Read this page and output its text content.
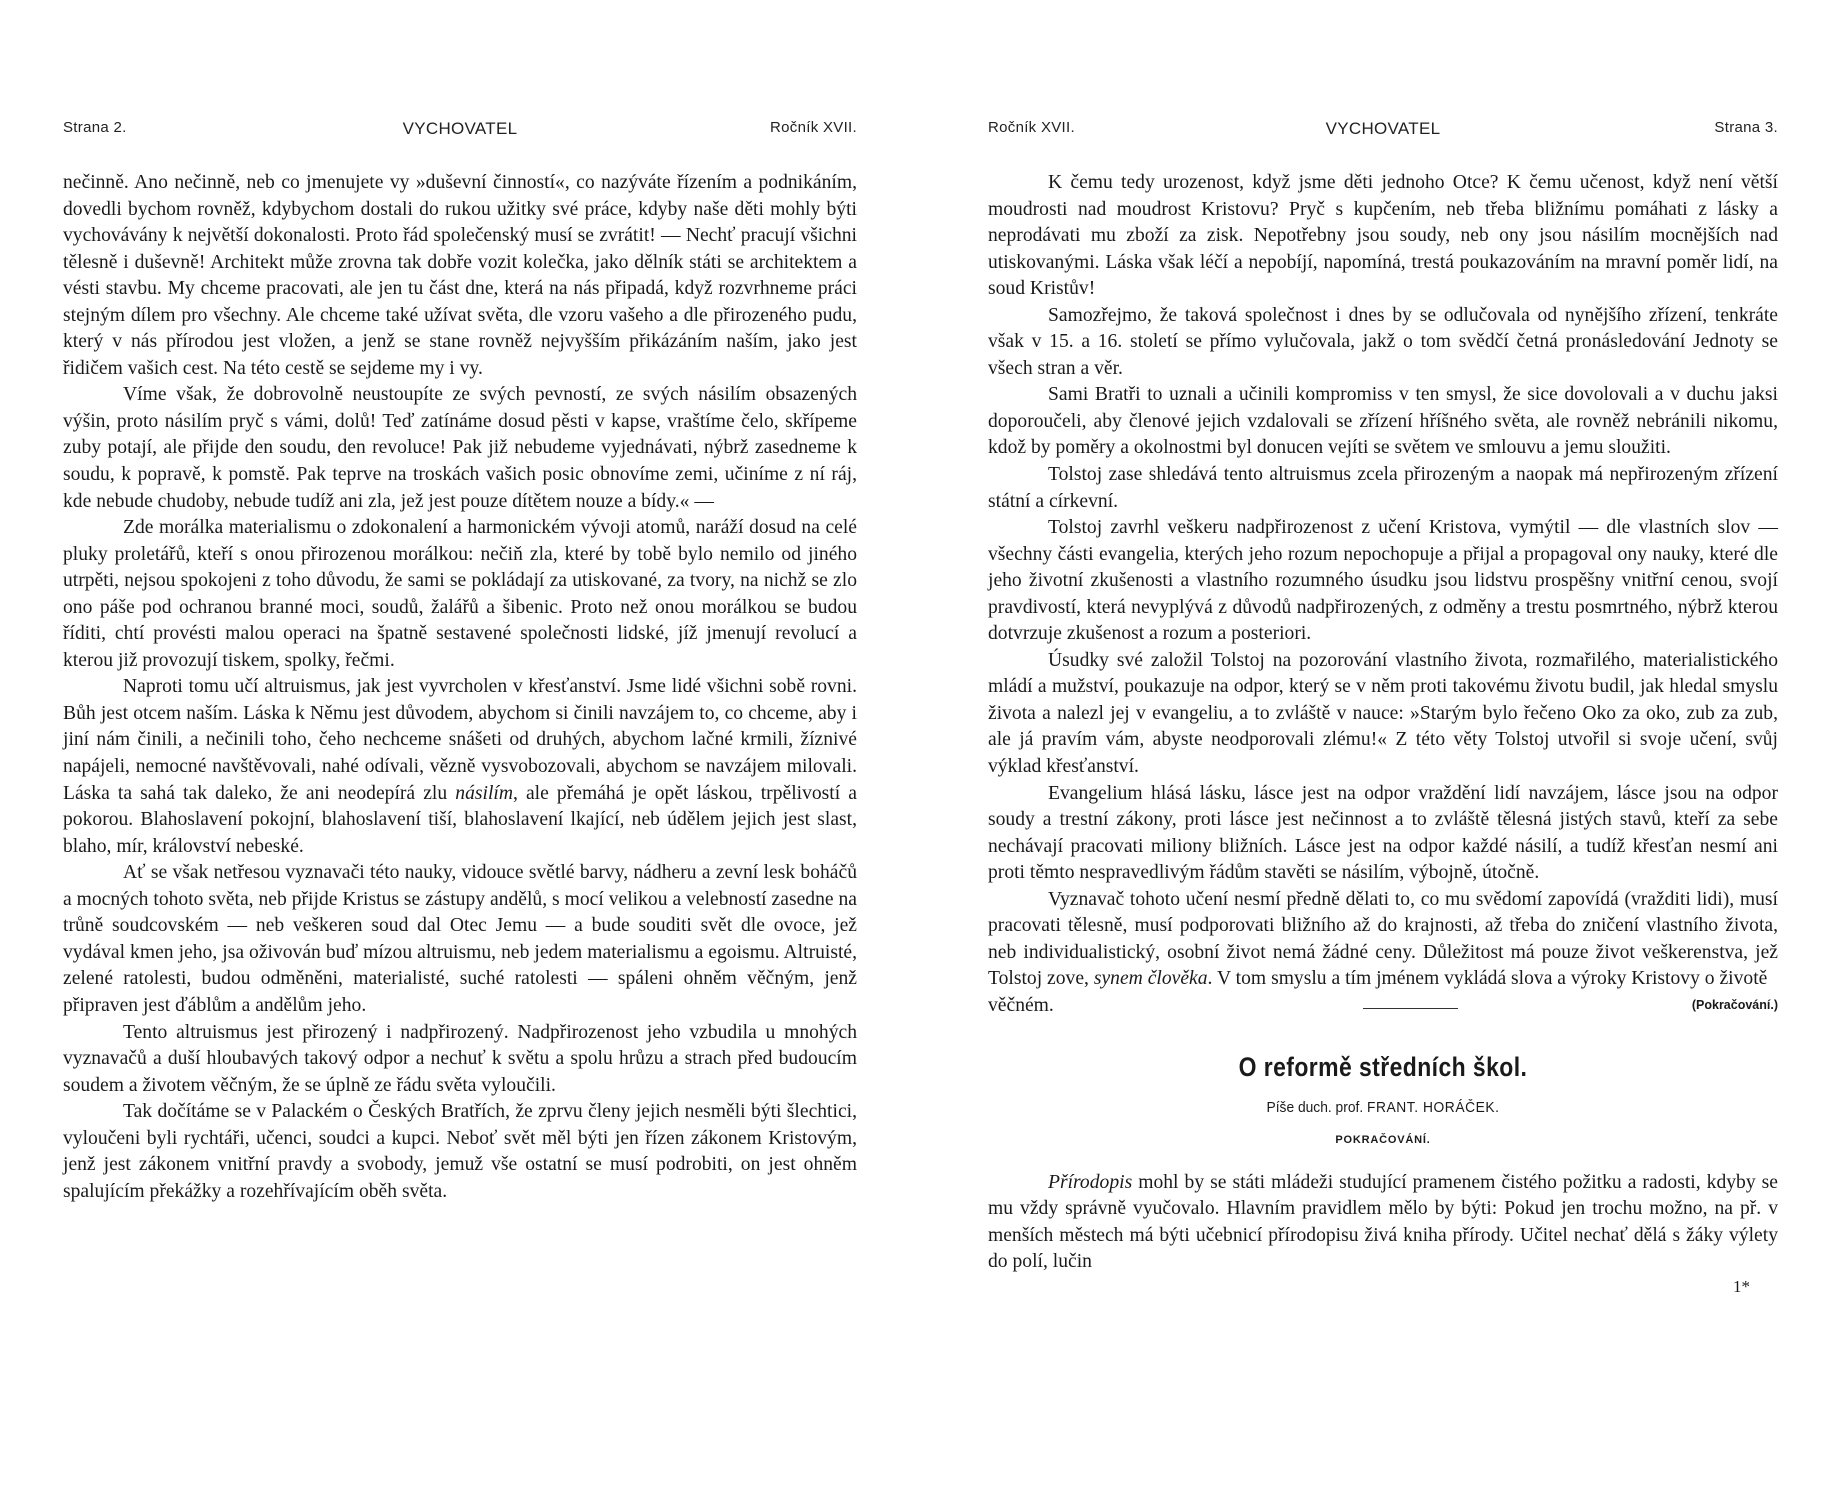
Strana 2.	VYCHOVATEL	Ročník XVII.

nečinně. Ano nečinně, neb co jmenujete vy »duševní činností«, co nazýváte řízením a podnikáním, dovedli bychom rovněž, kdybychom dostali do rukou užitky své práce, kdyby naše děti mohly býti vychovávány k největší dokonalosti. Proto řád společenský musí se zvrátit! — Nechť pracují všichni tělesně i duševně! Architekt může zrovna tak dobře vozit kolečka, jako dělník státi se architektem a vésti stavbu. My chceme pracovati, ale jen tu část dne, která na nás připadá, když rozvrhneme práci stejným dílem pro všechny. Ale chceme také užívat světa, dle vzoru vašeho a dle přirozeného pudu, který v nás přírodou jest vložen, a jenž se stane rovněž nejvyšším přikázáním naším, jako jest řidičem vašich cest. Na této cestě se sejdeme my i vy.

Víme však, že dobrovolně neustoupíte ze svých pevností, ze svých násilím obsazených výšin, proto násilím pryč s vámi, dolů! Teď zatínáme dosud pěsti v kapse, vraštíme čelo, skřípeme zuby potají, ale přijde den soudu, den revoluce! Pak již nebudeme vyjednávati, nýbrž zasedneme k soudu, k popravě, k pomstě. Pak teprve na troskách vašich posic obnovíme zemi, učiníme z ní ráj, kde nebude chudoby, nebude tudíž ani zla, jež jest pouze dítětem nouze a bídy.« —

Zde morálka materialismu o zdokonalení a harmonickém vývoji atomů, naráží dosud na celé pluky proletářů, kteří s onou přirozenou morálkou: nečiň zla, které by tobě bylo nemilo od jiného utrpěti, nejsou spokojeni z toho důvodu, že sami se pokládají za utiskované, za tvory, na nichž se zlo ono páše pod ochranou branné moci, soudů, žalářů a šibenic. Proto než onou morálkou se budou říditi, chtí provésti malou operaci na špatně sestavené společnosti lidské, jíž jmenují revolucí a kterou již provozují tiskem, spolky, řečmi.

Naproti tomu učí altruismus, jak jest vyvrcholen v křesťanství. Jsme lidé všichni sobě rovni. Bůh jest otcem naším. Láska k Němu jest důvodem, abychom si činili navzájem to, co chceme, aby i jiní nám činili, a nečinili toho, čeho nechceme snášeti od druhých, abychom lačné krmili, žíznivé napájeli, nemocné navštěvovali, nahé odívali, vězně vysvobozovali, abychom se navzájem milovali. Láska ta sahá tak daleko, že ani neodepírá zlu násilím, ale přemáhá je opět láskou, trpělivostí a pokorou. Blahoslavení pokojní, blahoslavení tiší, blahoslavení lkající, neb údělem jejich jest slast, blaho, mír, království nebeské.

Ať se však netřesou vyznavači této nauky, vidouce světlé barvy, nádheru a zevní lesk boháčů a mocných tohoto světa, neb přijde Kristus se zástupy andělů, s mocí velikou a velebností zasedne na trůně soudcovském — neb veškeren soud dal Otec Jemu — a bude souditi svět dle ovoce, jež vydával kmen jeho, jsa oživován buď mízou altruismu, neb jedem materialismu a egoismu. Altruisté, zelené ratolesti, budou odměněni, materialisté, suché ratolesti — spáleni ohněm věčným, jenž připraven jest ďáblům a andělům jeho.

Tento altruismus jest přirozený i nadpřirozený. Nadpřirozenost jeho vzbudila u mnohých vyznavačů a duší hloubavých takový odpor a nechuť k světu a spolu hrůzu a strach před budoucím soudem a životem věčným, že se úplně ze řádu světa vyloučili.

Tak dočítáme se v Palackém o Českých Bratřích, že zprvu členy jejich nesměli býti šlechtici, vyloučeni byli rychtáři, učenci, soudci a kupci. Neboť svět měl býti jen řízen zákonem Kristovým, jenž jest zákonem vnitřní pravdy a svobody, jemuž vše ostatní se musí podrobiti, on jest ohněm spalujícím překážky a rozehřívajícím oběh světa.

Ročník XVII.	VYCHOVATEL	Strana 3.

K čemu tedy urozenost, když jsme děti jednoho Otce? K čemu učenost, když není větší moudrosti nad moudrost Kristovu? Pryč s kupčením, neb třeba bližnímu pomáhati z lásky a neprodávati mu zboží za zisk. Nepotřebny jsou soudy, neb ony jsou násilím mocnějších nad utiskovanými. Láska však léčí a nepobíjí, napomíná, trestá poukazováním na mravní poměr lidí, na soud Kristův!

Samozřejmo, že taková společnost i dnes by se odlučovala od nynějšího zřízení, tenkráte však v 15. a 16. století se přímo vylučovala, jakž o tom svědčí četná pronásledování Jednoty se všech stran a věr.

Sami Bratři to uznali a učinili kompromiss v ten smysl, že sice dovolovali a v duchu jaksi doporoučeli, aby členové jejich vzdalovali se zřízení hříšného světa, ale rovněž nebránili nikomu, kdož by poměry a okolnostmi byl donucen vejíti se světem ve smlouvu a jemu sloužiti.

Tolstoj zase shledává tento altruismus zcela přirozeným a naopak má nepřirozeným zřízení státní a církevní.

Tolstoj zavrhl veškeru nadpřirozenost z učení Kristova, vymýtil — dle vlastních slov — všechny části evangelia, kterých jeho rozum nepochopuje a přijal a propagoval ony nauky, které dle jeho životní zkušenosti a vlastního rozumného úsudku jsou lidstvu prospěšny vnitřní cenou, svojí pravdivostí, která nevyplývá z důvodů nadpřirozených, z odměny a trestu posmrtného, nýbrž kterou dotvrzuje zkušenost a rozum a posteriori.

Úsudky své založil Tolstoj na pozorování vlastního života, rozmařilého, materialistického mládí a mužství, poukazuje na odpor, který se v něm proti takovému životu budil, jak hledal smyslu života a nalezl jej v evangeliu, a to zvláště v nauce: »Starým bylo řečeno Oko za oko, zub za zub, ale já pravím vám, abyste neodporovali zlému!« Z této věty Tolstoj utvořil si svoje učení, svůj výklad křesťanství.

Evangelium hlásá lásku, lásce jest na odpor vraždění lidí navzájem, lásce jsou na odpor soudy a trestní zákony, proti lásce jest nečinnost a to zvláště tělesná jistých stavů, kteří za sebe nechávají pracovati miliony bližních. Lásce jest na odpor každé násilí, a tudíž křesťan nesmí ani proti těmto nespravedlivým řádům stavěti se násilím, výbojně, útočně.

Vyznavač tohoto učení nesmí předně dělati to, co mu svědomí zapovídá (vražditi lidi), musí pracovati tělesně, musí podporovati bližního až do krajnosti, až třeba do zničení vlastního života, neb individualistický, osobní život nemá žádné ceny. Důležitost má pouze život veškerenstva, jež Tolstoj zove, synem člověka. V tom smyslu a tím jménem vykládá slova a výroky Kristovy o životě

věčném.	(Pokračování.)
O reformě středních škol.
Píše duch. prof. FRANT. HORÁČEK.
POKRAČOVÁNÍ.

Přírodopis mohl by se státi mládeži studující pramenem čistého požitku a radosti, kdyby se mu vždy správně vyučovalo. Hlavním pravidlem mělo by býti: Pokud jen trochu možno, na př. v menších městech má býti učebnicí přírodopisu živá kniha přírody. Učitel nechať dělá s žáky výlety do polí, lučin

1*
